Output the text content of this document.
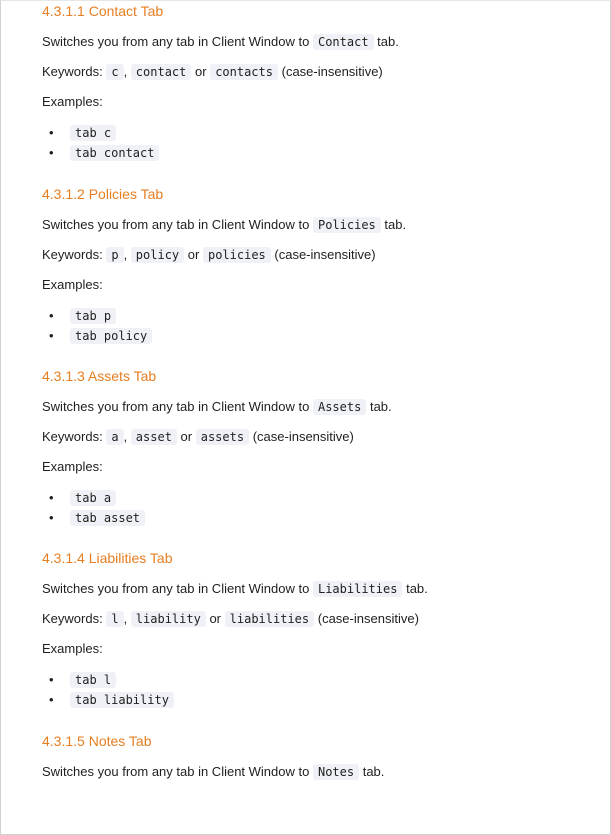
4.3.1.1 Contact Tab

Switches you from any tab in Client Window to Contact tab.

Keywords: c , contact or contacts (case-insensitive)

Examples:

• tab c
• tab contact
4.3.1.2 Policies Tab

Switches you from any tab in Client Window to Policies tab.

Keywords: p , policy or policies (case-insensitive)

Examples:

• tab p
• tab policy
4.3.1.3 Assets Tab

Switches you from any tab in Client Window to Assets tab.

Keywords: a , asset or assets (case-insensitive)

Examples:

• tab a
• tab asset
4.3.1.4 Liabilities Tab

Switches you from any tab in Client Window to Liabilities tab.

Keywords: l , liability or liabilities (case-insensitive)

Examples:

• tab l
• tab liability
4.3.1.5 Notes Tab

Switches you from any tab in Client Window to Notes tab.
